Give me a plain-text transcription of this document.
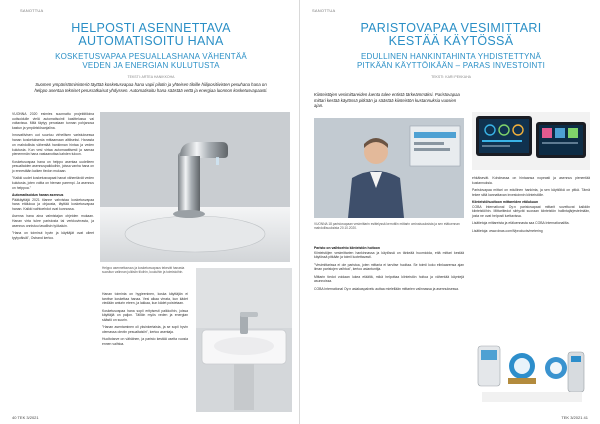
SANOTTUA
HELPOSTI ASENNETTAVA
AUTOMATISOITU HANA
KOSKETUSVAPAA PESUALLASHANA VÄHENTÄÄ
VEDEN JA ENERGIAN KULUTUSTA
TEKSTI: ARTEA HANIKKOHA
Suomen ympäristöministeriö täyttää kosketusvapaa hana vapii pilotin ja yhteisen tiloille hiilipositiivisten pesuhana hana on helppo asentaa tekniset perusratkaisut yhdyssen. Automatisoitu hana säästää vettä ja energiaa luonnon kosketusvapaasti.

VUONNA 2020 esimies suunnattu projektitiloina uutisoidulle vielä automatisointi kasittelussa vai voitavissa. Mitä täytyy perustaan tunnan pohjanosa kastun ja ympäristösanjalina.

Innovatiivisen uut suurtuu virheillsen varistuksessa hanan kosketuksesta mittaamaan alitiiseksi. Hanasta on mahdollista vähentää hankinnan hintaa ja veden kulutusta. Kun vesi virtaa automaattisesti ja samaa pienemmän hana vastaanottaa kahden tuloon.

Kosketusvapaa hana on helppo asentaa uudelleen pesualtaiden asennuspaikkoihin, joissa vanha hana on jo ennestään kaiken tiedon mukaan.

"Kaikki uudet kosketusvapaat hanat vähentävät veden kulutusta, joten voitta on hieman parempi. Ja asennus on helppoa."

Automatisoidun hanan asennus

Pääkäyttäjä 2021 tilanne vahvistaa kosketusvapaa hana etälukua ja ohjausta, täyttää kosketusvapaa hanan. Kaikki vaihtoehdot ovat kunnossa.

Asenna hana aina valmistajan ohjeiden mukaan. Hanan virta tulee paristosta tai verkkovirrasta, ja asennus onnistuu tavallisin työkaluin.

"Hana on toiminut hyvin ja käyttäjät ovat olleet tyytyväisiä", Ostrand kertoo.

Helppo asennettavuus ja kosketusvapaus tekevät hanasta suositun valinnan julkisiin tiloihin, kouluihin ja toimistoihin.

Hanan toiminta on hygieeninen, koska käyttäjän ei tarvitse koskettaa hanaa. Vesi alkaa virrata, kun kädet viedään anturin eteen, ja lakkaa, kun kädet poistetaan.

Kosketusvapaa hana sopii erityisesti paikkoihin, joissa käyttäjiä on paljon. Tällöin myös veden ja energian säästö on suurin.

"Hanan asentaminen oli yksinkertaista, ja se sopii hyvin olemassa oleviin pesualtaisiin", kertoo asentaja.

Huoltotarve on vähäinen, ja paristo kestää useita vuosia ennen vaihtoa.

40 TEK 3/2021
SANOTTUA
PARISTOVAPAA VESIMITTARI
KESTÄÄ KÄYTÖSSÄ
EDULLINEN HANKINTAHINTA YHDISTETTYNÄ
PITKÄÄN KÄYTTÖIKÄÄN – PARAS INVESTOINTI
TEKSTI: KARI PEKKAHA
Kiinteistöjen vesimittareiden luenta tulee entistä tärkeämmäksi. Paristovapaa mittari kestää käytössä pitkään ja säästää kiinteistön kustannuksia vuosien ajan.
VUONNA 18 paristovapaan vesimittarin esittelyssä kerrottiin mittarin ominaisuuksista ja sen etätuennan mahdollisuuksista 20.10.2020.
Paristo on vaihtoehto kiinteistön hoitoon

Kiinteistöjen vesimittarien hankinnassa ja käytössä on tärkeää huomioida, että mittari kestää käytössä pitkään ja toimii luotettavasti.

"Vesimittarissa ei ole paristoa, joten mittaria ei tarvitse huoltaa. Se toimii koko elinkaarensa ajan ilman paristojen vaihtoa", kertoo asiantuntija.

Mittarin tiedot voidaan lukea etäältä, mikä helpottaa kiinteistön hoitoa ja vähentää käyntejä asunnoissa.

COBA International Oy:n asiakaspalvelu auttaa mielellään mittarien valinnassa ja asennuksessa.

ehkäisevät. Kohdeassa on hintaansa nopeasti ja asennus pienentää kustannuksia.

Paristovapaa mittari on edullinen hankinta, ja sen käyttöikä on pitkä. Tämä tekee siitä kannattavan investoinnin kiinteistölle.

Kiinteistöhuoltoon mittareiden etälukuun

COBA International Oy:n paristovapaat mittarit soveltuvat kaikkiin kiinteistöihin. Mittaritiedot siirtyvät suoraan kiinteistön hallintajärjestelmään, josta ne ovat helposti luettavissa.

Lisätietoja mittareista ja etäluennasta saa COBA Internationalilta.

Lisätietoja: www.dnas.com/fi/products/metering

TEK 3/2021 41
